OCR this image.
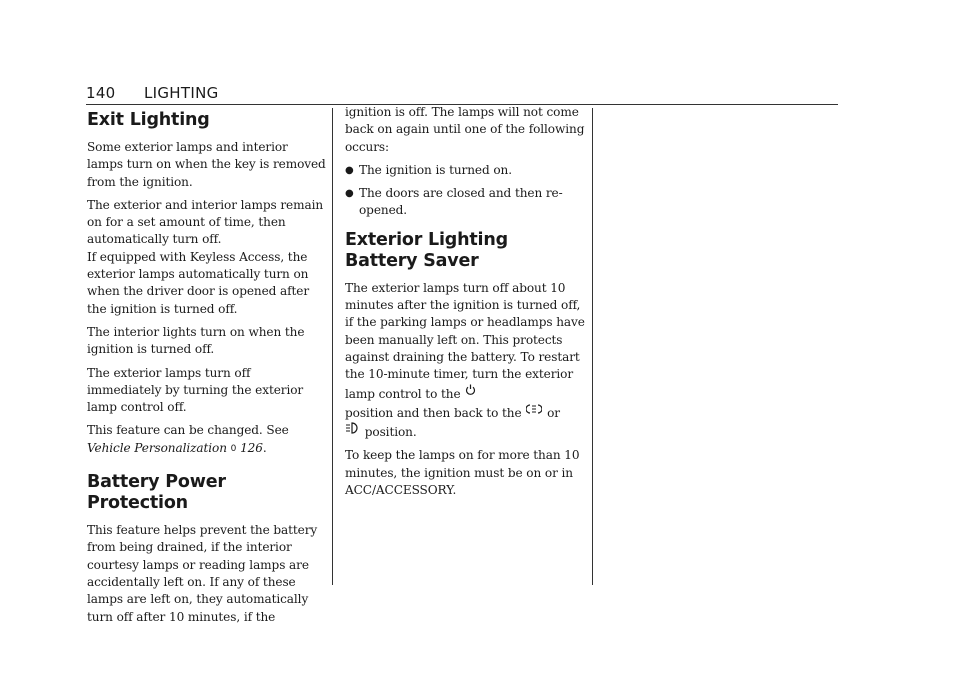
140 LIGHTING
Exit Lighting

Some exterior lamps and interior lamps turn on when the key is removed from the ignition.

The exterior and interior lamps remain on for a set amount of time, then automatically turn off.

If equipped with Keyless Access, the exterior lamps automatically turn on when the driver door is opened after the ignition is turned off.

The interior lights turn on when the ignition is turned off.

The exterior lamps turn off immediately by turning the exterior lamp control off.

This feature can be changed. See Vehicle Personalization 0 126.

Battery Power Protection

This feature helps prevent the battery from being drained, if the interior courtesy lamps or reading lamps are accidentally left on. If any of these lamps are left on, they automatically turn off after 10 minutes, if the

ignition is off. The lamps will not come back on again until one of the following occurs:

● The ignition is turned on.
● The doors are closed and then re-opened.
Exterior Lighting Battery Saver

The exterior lamps turn off about 10 minutes after the ignition is turned off, if the parking lamps or headlamps have been manually left on. This protects against draining the battery. To restart the 10-minute timer, turn the exterior lamp control to the
position and then back to the or
position.

To keep the lamps on for more than 10 minutes, the ignition must be on or in ACC/ACCESSORY.
